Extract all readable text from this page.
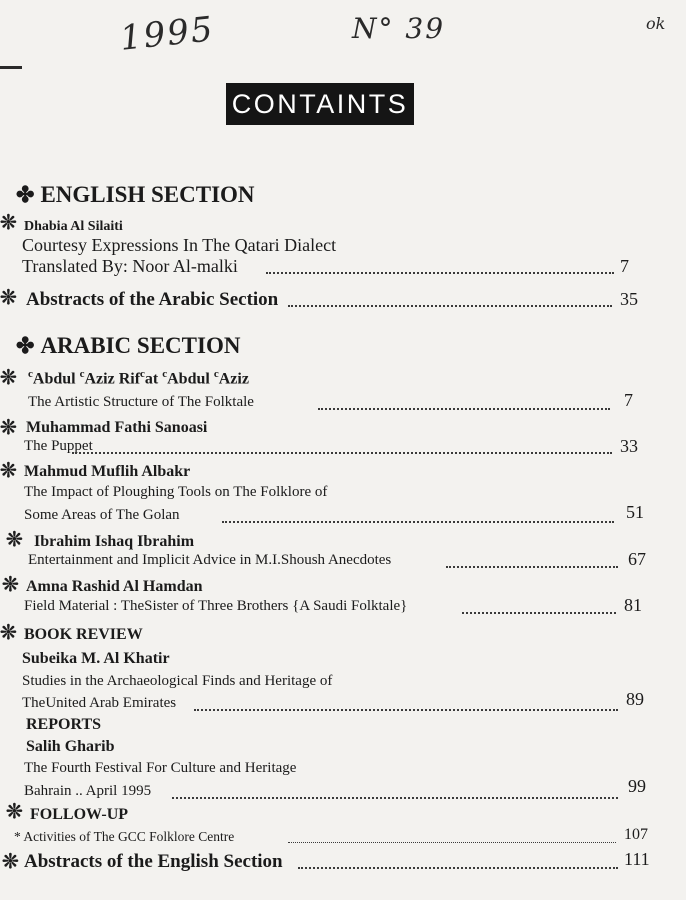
1995	N° 39	ok
CONTAINTS
✤ ENGLISH SECTION
❊ Dhabia Al Silaiti
Courtesy Expressions In The Qatari Dialect
Translated By: Noor Al-malki	7
❊ Abstracts of the Arabic Section	35
✤ ARABIC SECTION
❊ $^c$Abdul $^c$Aziz Rif$^c$at $^c$Abdul $^c$Aziz
The Artistic Structure of The Folktale	7
❊ Muhammad Fathi Sanoasi
The Puppet	33
❊ Mahmud Muflih Albakr
The Impact of Ploughing Tools on The Folklore of
Some Areas of The Golan	51
❊ Ibrahim Ishaq Ibrahim
Entertainment and Implicit Advice in M.I.Shoush Anecdotes	67
❊ Amna Rashid Al Hamdan
Field Material : TheSister of Three Brothers {A Saudi Folktale}	81
❊ BOOK REVIEW
Subeika M. Al Khatir
Studies in the Archaeological Finds and Heritage of
TheUnited Arab Emirates	89
REPORTS
Salih Gharib
The Fourth Festival For Culture and Heritage
Bahrain .. April 1995	99
❊ FOLLOW-UP
* Activities of The GCC Folklore Centre	107
❊ Abstracts of the English Section	111
